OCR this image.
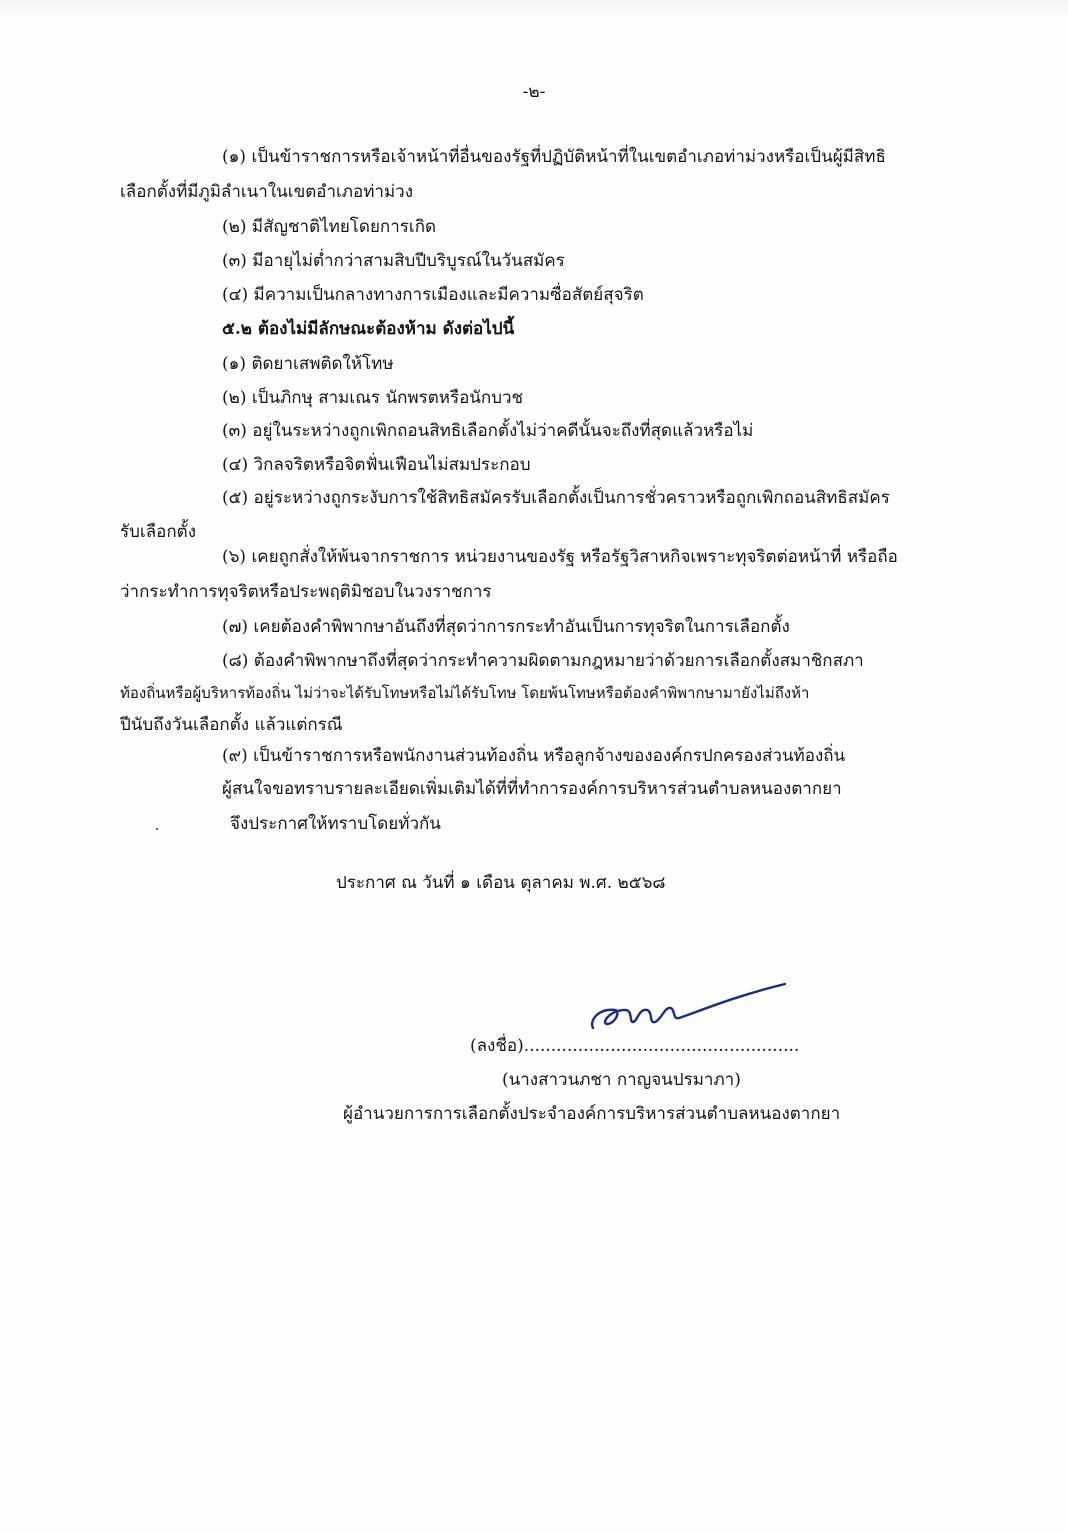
-๒-
(๑) เป็นข้าราชการหรือเจ้าหน้าที่อื่นของรัฐที่ปฏิบัติหน้าที่ในเขตอำเภอท่าม่วงหรือเป็นผู้มีสิทธิ
เลือกตั้งที่มีภูมิลำเนาในเขตอำเภอท่าม่วง
(๒) มีสัญชาติไทยโดยการเกิด
(๓) มีอายุไม่ต่ำกว่าสามสิบปีบริบูรณ์ในวันสมัคร
(๔) มีความเป็นกลางทางการเมืองและมีความซื่อสัตย์สุจริต
๕.๒ ต้องไม่มีลักษณะต้องห้าม ดังต่อไปนี้
(๑) ติดยาเสพติดให้โทษ
(๒) เป็นภิกษุ สามเณร นักพรตหรือนักบวช
(๓) อยู่ในระหว่างถูกเพิกถอนสิทธิเลือกตั้งไม่ว่าคดีนั้นจะถึงที่สุดแล้วหรือไม่
(๔) วิกลจริตหรือจิตฟั่นเฟือนไม่สมประกอบ
(๕) อยู่ระหว่างถูกระงับการใช้สิทธิสมัครรับเลือกตั้งเป็นการชั่วคราวหรือถูกเพิกถอนสิทธิสมัคร
รับเลือกตั้ง
(๖) เคยถูกสั่งให้พ้นจากราชการ หน่วยงานของรัฐ หรือรัฐวิสาหกิจเพราะทุจริตต่อหน้าที่ หรือถือ
ว่ากระทำการทุจริตหรือประพฤติมิชอบในวงราชการ
(๗) เคยต้องคำพิพากษาอันถึงที่สุดว่าการกระทำอันเป็นการทุจริตในการเลือกตั้ง
(๘) ต้องคำพิพากษาถึงที่สุดว่ากระทำความผิดตามกฎหมายว่าด้วยการเลือกตั้งสมาชิกสภา
ท้องถิ่นหรือผู้บริหารท้องถิ่น ไม่ว่าจะได้รับโทษหรือไม่ได้รับโทษ โดยพ้นโทษหรือต้องคำพิพากษามายังไม่ถึงห้า
ปีนับถึงวันเลือกตั้ง แล้วแต่กรณี
(๙) เป็นข้าราชการหรือพนักงานส่วนท้องถิ่น หรือลูกจ้างขององค์กรปกครองส่วนท้องถิ่น
ผู้สนใจขอทราบรายละเอียดเพิ่มเติมได้ที่ที่ทำการองค์การบริหารส่วนตำบลหนองตากยา
จึงประกาศให้ทราบโดยทั่วกัน
ประกาศ ณ วันที่ ๑ เดือน ตุลาคม พ.ศ. ๒๕๖๘
(ลงชื่อ)...................................................
(นางสาวนภชา กาญจนปรมาภา)
ผู้อำนวยการการเลือกตั้งประจำองค์การบริหารส่วนตำบลหนองตากยา
